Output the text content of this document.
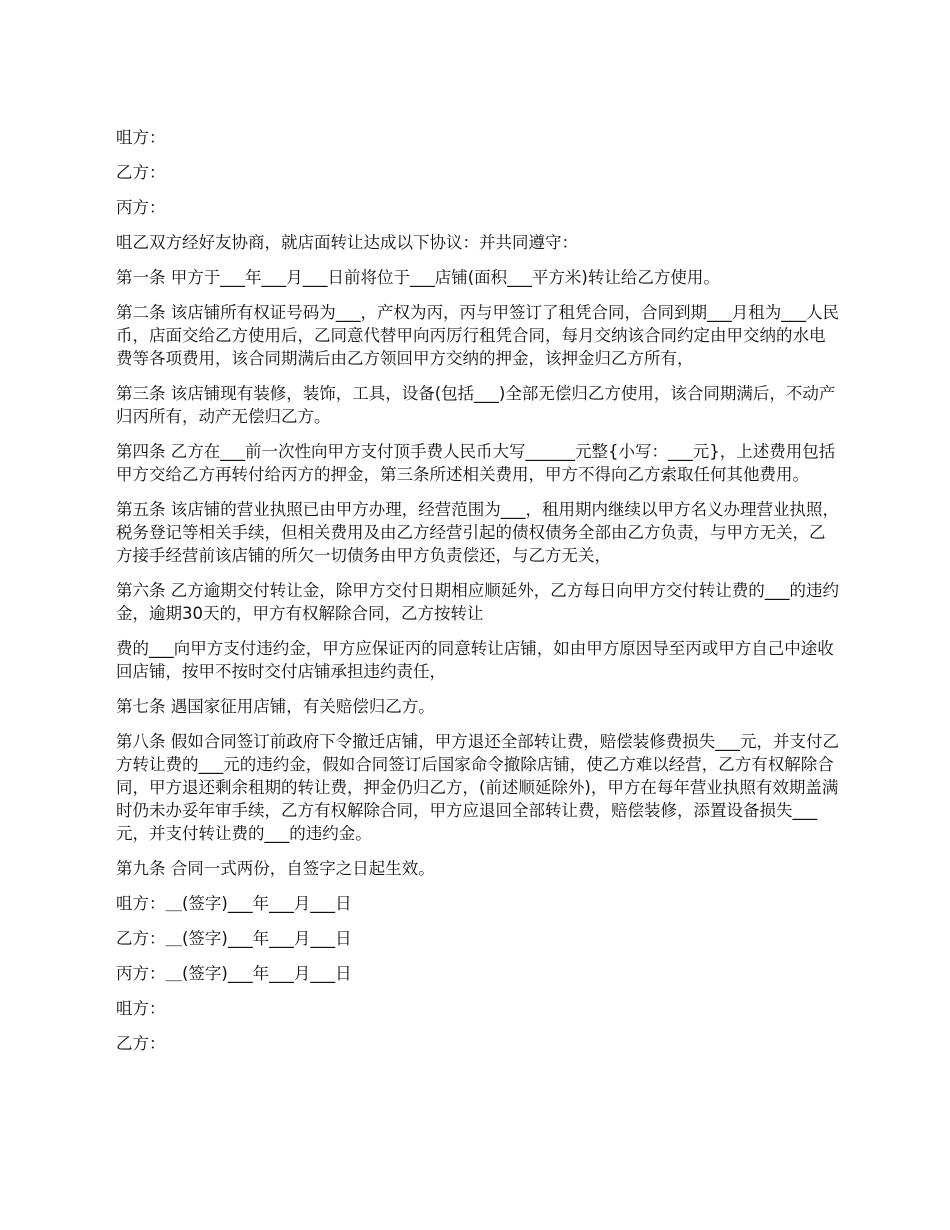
咀方：

乙方：

丙方：

咀乙双方经好友协商，就店面转让达成以下协议：并共同遵守：

第一条 甲方于___年___月___日前将位于___店铺(面积___平方米)转让给乙方使用。

第二条 该店铺所有权证号码为___，产权为丙，丙与甲签订了租凭合同，合同到期___月租为___人民币，店面交给乙方使用后，乙同意代替甲向丙厉行租凭合同，每月交纳该合同约定由甲交纳的水电费等各项费用，该合同期满后由乙方领回甲方交纳的押金，该押金归乙方所有，

第三条 该店铺现有装修，装饰，工具，设备(包括___)全部无偿归乙方使用，该合同期满后，不动产归丙所有，动产无偿归乙方。

第四条 乙方在___前一次性向甲方支付顶手费人民币大写______元整{小写：___元}，上述费用包括甲方交给乙方再转付给丙方的押金，第三条所述相关费用，甲方不得向乙方索取任何其他费用。

第五条 该店铺的营业执照已由甲方办理，经营范围为___，租用期内继续以甲方名义办理营业执照，税务登记等相关手续，但相关费用及由乙方经营引起的债权债务全部由乙方负责，与甲方无关，乙方接手经营前该店铺的所欠一切债务由甲方负责偿还，与乙方无关，

第六条 乙方逾期交付转让金，除甲方交付日期相应顺延外，乙方每日向甲方交付转让费的___的违约金，逾期30天的，甲方有权解除合同，乙方按转让

费的___向甲方支付违约金，甲方应保证丙的同意转让店铺，如由甲方原因导至丙或甲方自己中途收回店铺，按甲不按时交付店铺承担违约责任，

第七条 遇国家征用店铺，有关赔偿归乙方。

第八条 假如合同签订前政府下令撤迁店铺，甲方退还全部转让费，赔偿装修费损失___元，并支付乙方转让费的___元的违约金，假如合同签订后国家命令撤除店铺，使乙方难以经营，乙方有权解除合同，甲方退还剩余租期的转让费，押金仍归乙方，(前述顺延除外)，甲方在每年营业执照有效期盖满时仍未办妥年审手续，乙方有权解除合同，甲方应退回全部转让费，赔偿装修，添置设备损失___元，并支付转让费的___的违约金。

第九条 合同一式两份，自签字之日起生效。

咀方：＿(签字)___年___月___日

乙方：＿(签字)___年___月___日

丙方：＿(签字)___年___月___日

咀方：

乙方：
